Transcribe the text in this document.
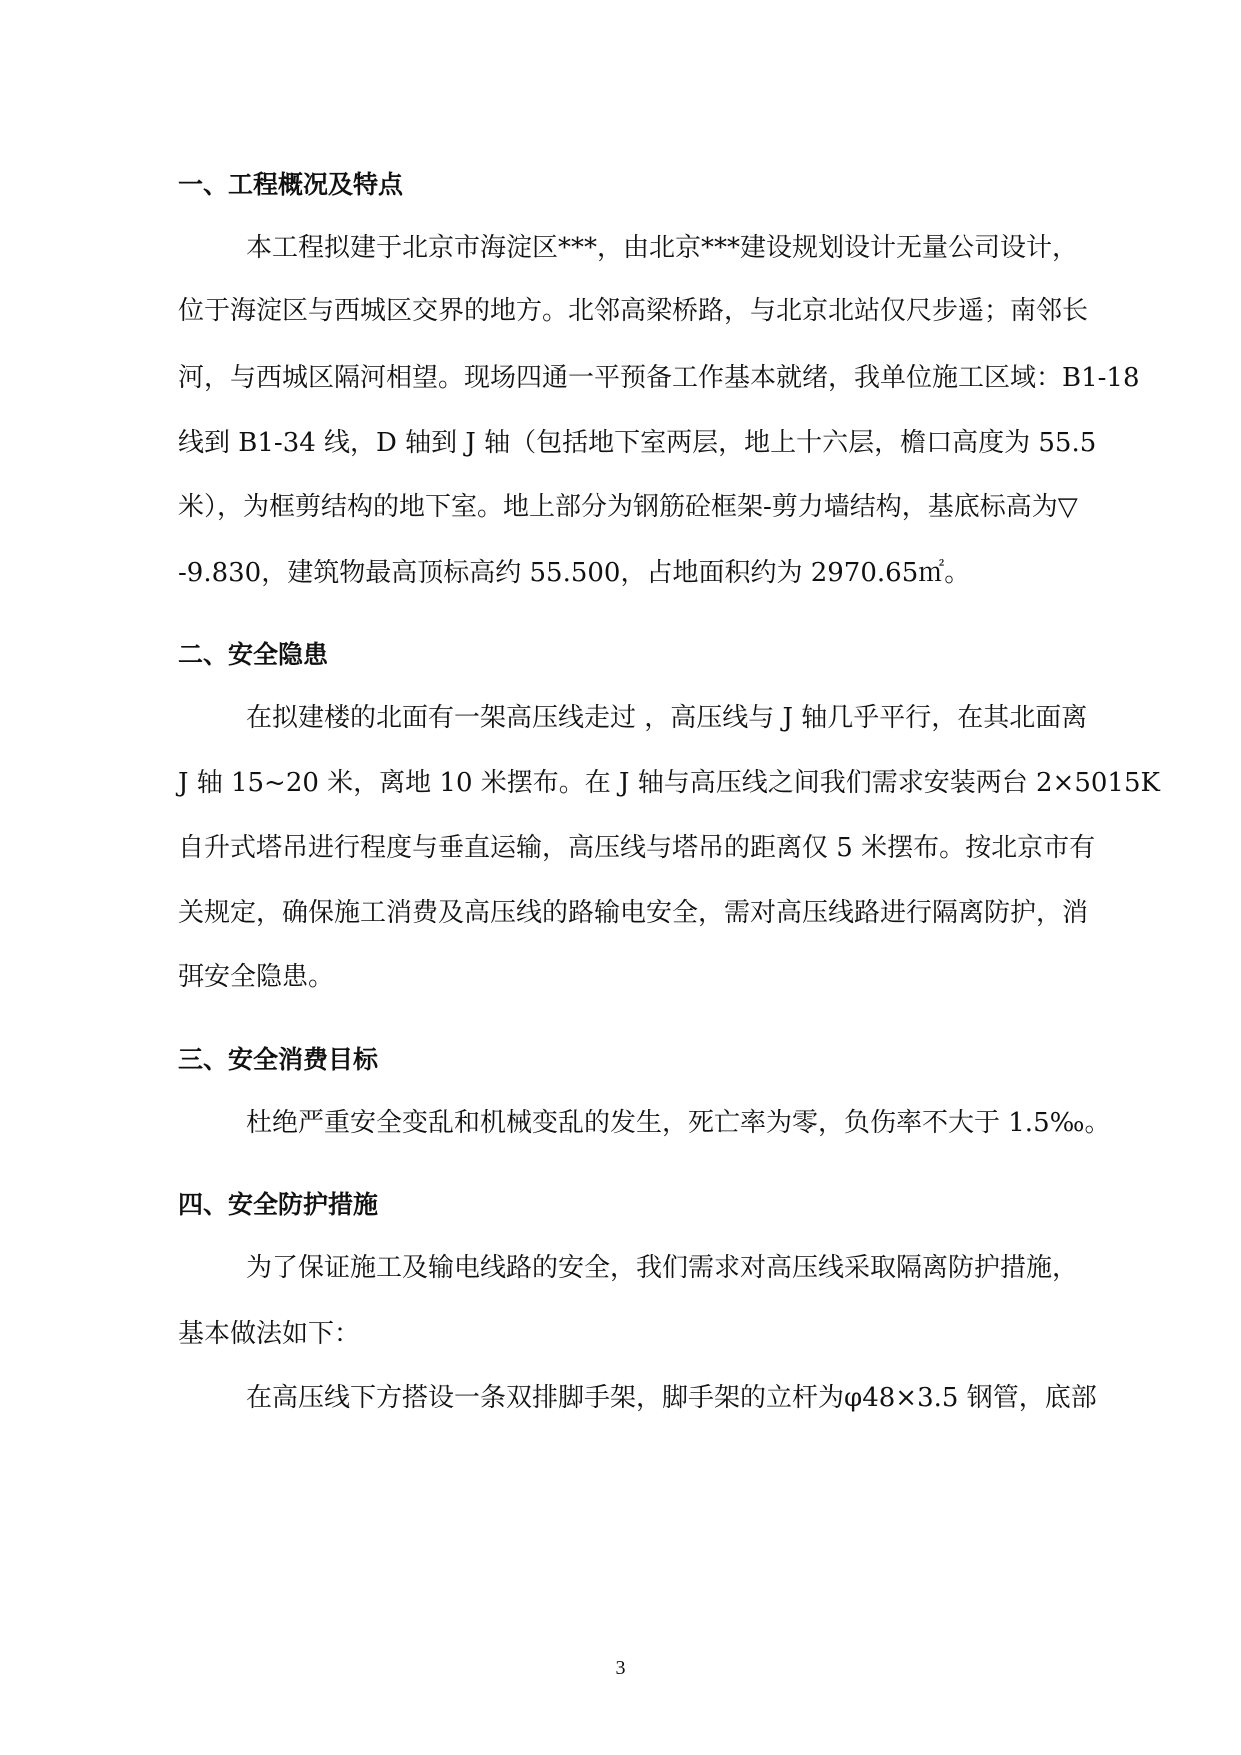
一、工程概况及特点
本工程拟建于北京市海淀区***，由北京***建设规划设计无量公司设计，
位于海淀区与西城区交界的地方。北邻高梁桥路，与北京北站仅尺步遥；南邻长
河，与西城区隔河相望。现场四通一平预备工作基本就绪，我单位施工区域：B1-18
线到 B1-34 线，D 轴到 J 轴（包括地下室两层，地上十六层，檐口高度为 55.5
米），为框剪结构的地下室。地上部分为钢筋砼框架-剪力墙结构，基底标高为▽
-9.830，建筑物最高顶标高约 55.500，占地面积约为 2970.65㎡。
二、安全隐患
在拟建楼的北面有一架高压线走过 ，高压线与 J 轴几乎平行，在其北面离
J 轴 15~20 米，离地 10 米摆布。在 J 轴与高压线之间我们需求安装两台 2×5015K
自升式塔吊进行程度与垂直运输，高压线与塔吊的距离仅 5 米摆布。按北京市有
关规定，确保施工消费及高压线的路输电安全，需对高压线路进行隔离防护，消
弭安全隐患。
三、安全消费目标
杜绝严重安全变乱和机械变乱的发生，死亡率为零，负伤率不大于 1.5‰。
四、安全防护措施
为了保证施工及输电线路的安全，我们需求对高压线采取隔离防护措施，
基本做法如下：
在高压线下方搭设一条双排脚手架，脚手架的立杆为φ48×3.5 钢管，底部
3
